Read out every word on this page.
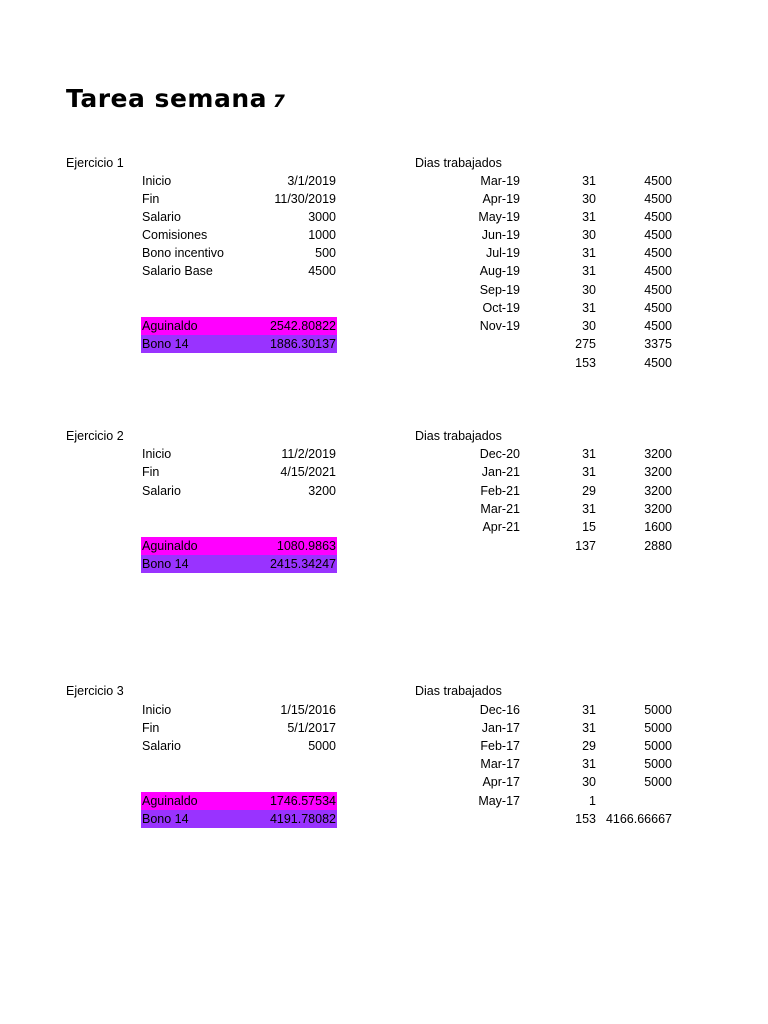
Tarea semana 7
Ejercicio 1	Dias trabajados
Inicio	3/1/2019
Fin	11/30/2019
Salario	3000
Comisiones	1000
Bono incentivo	500
Salario Base	4500
Aguinaldo	2542.80822
Bono 14	1886.30137
Mar-19	31	4500
Apr-19	30	4500
May-19	31	4500
Jun-19	30	4500
Jul-19	31	4500
Aug-19	31	4500
Sep-19	30	4500
Oct-19	31	4500
Nov-19	30	4500
275	3375
153	4500
Ejercicio 2	Dias trabajados
Inicio	11/2/2019
Fin	4/15/2021
Salario	3200
Aguinaldo	1080.9863
Bono 14	2415.34247
Dec-20	31	3200
Jan-21	31	3200
Feb-21	29	3200
Mar-21	31	3200
Apr-21	15	1600
137	2880
Ejercicio 3	Dias trabajados
Inicio	1/15/2016
Fin	5/1/2017
Salario	5000
Aguinaldo	1746.57534
Bono 14	4191.78082
Dec-16	31	5000
Jan-17	31	5000
Feb-17	29	5000
Mar-17	31	5000
Apr-17	30	5000
May-17	1
153 4166.66667
